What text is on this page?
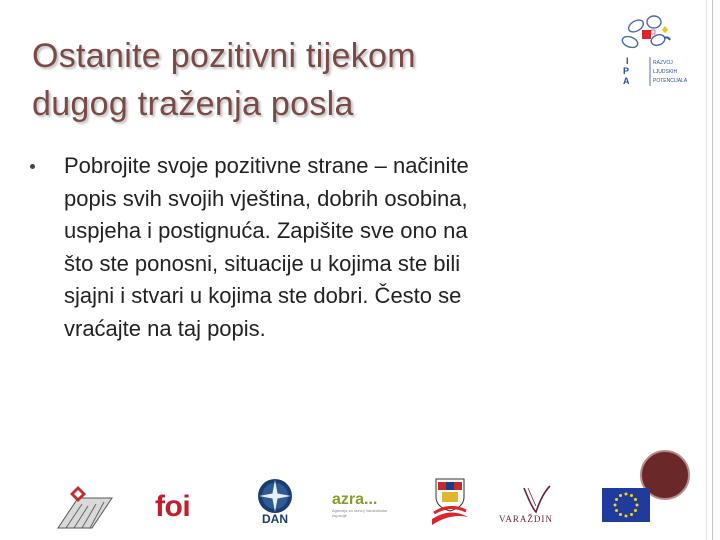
Ostanite pozitivni tijekom
dugog traženja posla

Pobrojite svoje pozitivne strane – načinite
popis svih svojih vještina, dobrih osobina,
uspjeha i postignuća. Zapišite sve ono na
što ste ponosni, situacije u kojima ste bili
sjajni i stvari u kojima ste dobri. Često se
vraćajte na taj popis.

I
P
A
RAZVOJ
LJUDSKIH
POTENCIJALA
foi	DAN
azra...
Agencija za razvoj Varaždinske županije	VARAŽDIN
